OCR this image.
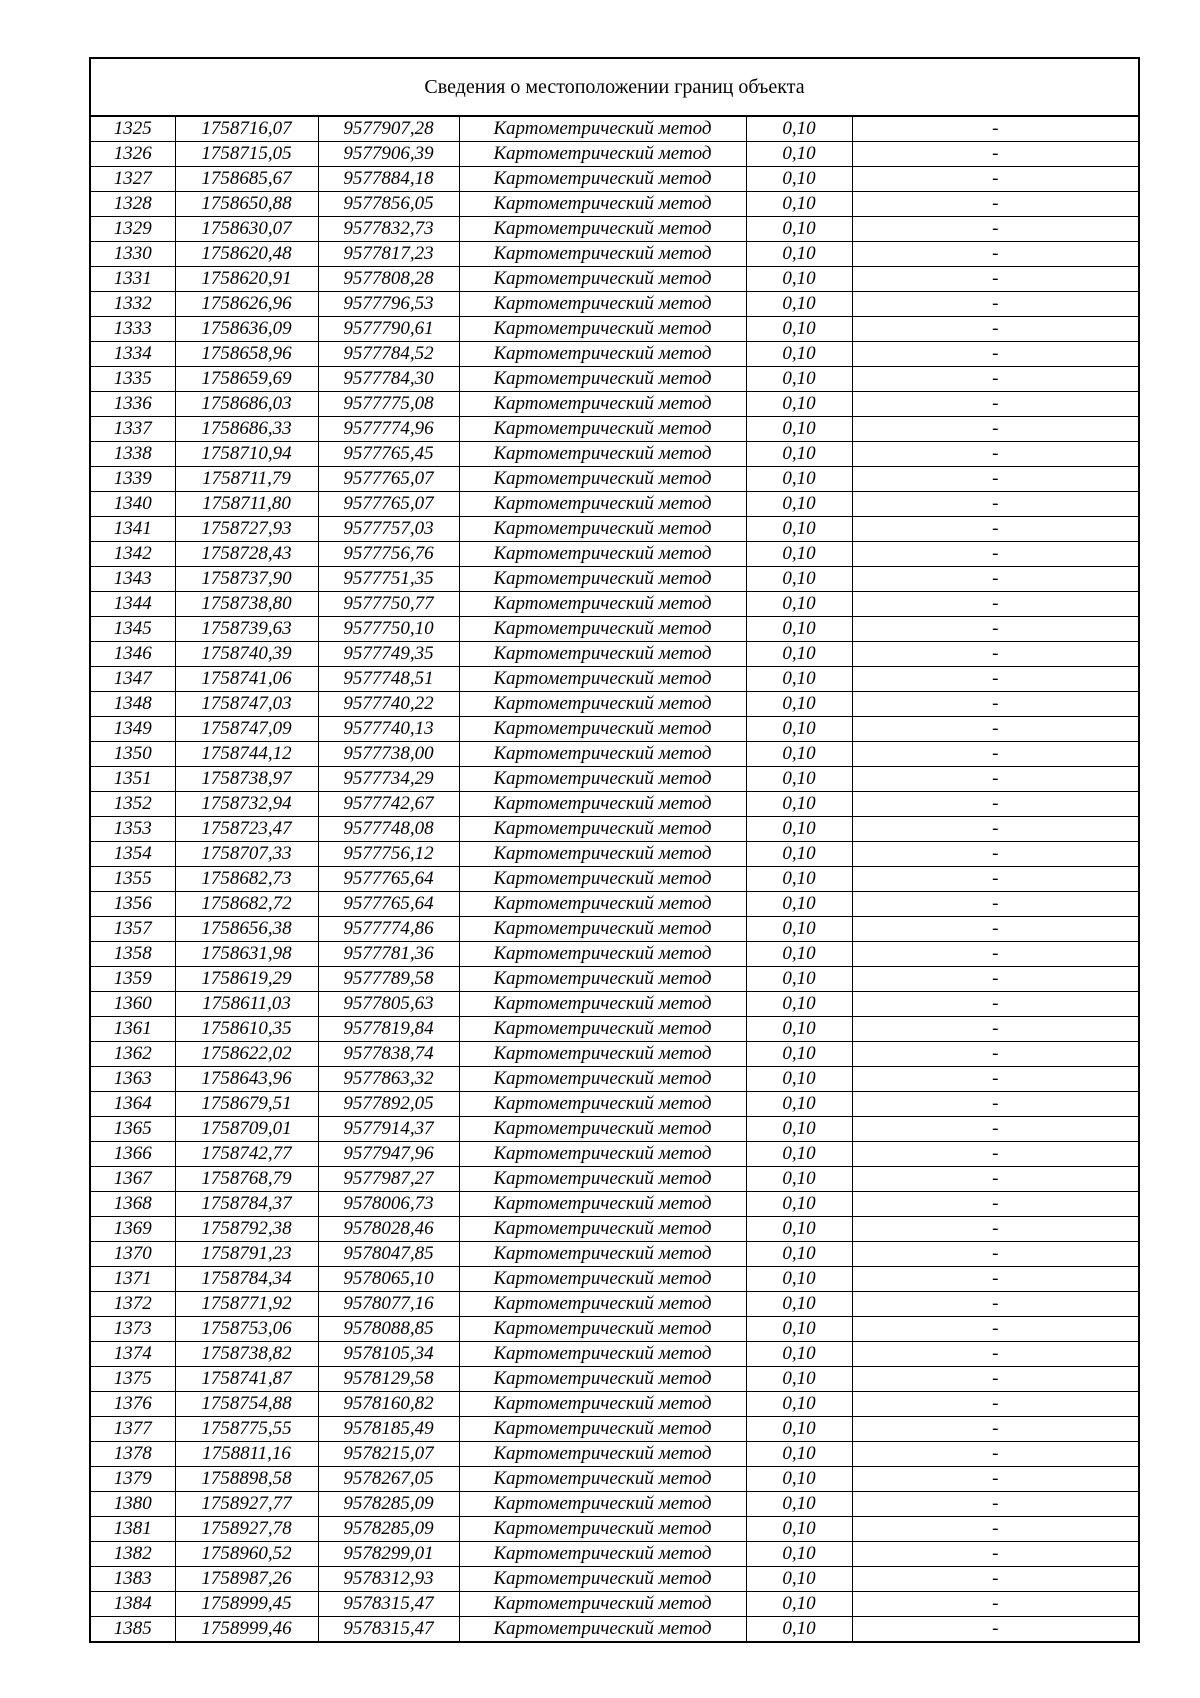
Сведения о местоположении границ объекта
1325	1758716,07	9577907,28	Картометрический метод	0,10	-
1326	1758715,05	9577906,39	Картометрический метод	0,10	-
1327	1758685,67	9577884,18	Картометрический метод	0,10	-
1328	1758650,88	9577856,05	Картометрический метод	0,10	-
1329	1758630,07	9577832,73	Картометрический метод	0,10	-
1330	1758620,48	9577817,23	Картометрический метод	0,10	-
1331	1758620,91	9577808,28	Картометрический метод	0,10	-
1332	1758626,96	9577796,53	Картометрический метод	0,10	-
1333	1758636,09	9577790,61	Картометрический метод	0,10	-
1334	1758658,96	9577784,52	Картометрический метод	0,10	-
1335	1758659,69	9577784,30	Картометрический метод	0,10	-
1336	1758686,03	9577775,08	Картометрический метод	0,10	-
1337	1758686,33	9577774,96	Картометрический метод	0,10	-
1338	1758710,94	9577765,45	Картометрический метод	0,10	-
1339	1758711,79	9577765,07	Картометрический метод	0,10	-
1340	1758711,80	9577765,07	Картометрический метод	0,10	-
1341	1758727,93	9577757,03	Картометрический метод	0,10	-
1342	1758728,43	9577756,76	Картометрический метод	0,10	-
1343	1758737,90	9577751,35	Картометрический метод	0,10	-
1344	1758738,80	9577750,77	Картометрический метод	0,10	-
1345	1758739,63	9577750,10	Картометрический метод	0,10	-
1346	1758740,39	9577749,35	Картометрический метод	0,10	-
1347	1758741,06	9577748,51	Картометрический метод	0,10	-
1348	1758747,03	9577740,22	Картометрический метод	0,10	-
1349	1758747,09	9577740,13	Картометрический метод	0,10	-
1350	1758744,12	9577738,00	Картометрический метод	0,10	-
1351	1758738,97	9577734,29	Картометрический метод	0,10	-
1352	1758732,94	9577742,67	Картометрический метод	0,10	-
1353	1758723,47	9577748,08	Картометрический метод	0,10	-
1354	1758707,33	9577756,12	Картометрический метод	0,10	-
1355	1758682,73	9577765,64	Картометрический метод	0,10	-
1356	1758682,72	9577765,64	Картометрический метод	0,10	-
1357	1758656,38	9577774,86	Картометрический метод	0,10	-
1358	1758631,98	9577781,36	Картометрический метод	0,10	-
1359	1758619,29	9577789,58	Картометрический метод	0,10	-
1360	1758611,03	9577805,63	Картометрический метод	0,10	-
1361	1758610,35	9577819,84	Картометрический метод	0,10	-
1362	1758622,02	9577838,74	Картометрический метод	0,10	-
1363	1758643,96	9577863,32	Картометрический метод	0,10	-
1364	1758679,51	9577892,05	Картометрический метод	0,10	-
1365	1758709,01	9577914,37	Картометрический метод	0,10	-
1366	1758742,77	9577947,96	Картометрический метод	0,10	-
1367	1758768,79	9577987,27	Картометрический метод	0,10	-
1368	1758784,37	9578006,73	Картометрический метод	0,10	-
1369	1758792,38	9578028,46	Картометрический метод	0,10	-
1370	1758791,23	9578047,85	Картометрический метод	0,10	-
1371	1758784,34	9578065,10	Картометрический метод	0,10	-
1372	1758771,92	9578077,16	Картометрический метод	0,10	-
1373	1758753,06	9578088,85	Картометрический метод	0,10	-
1374	1758738,82	9578105,34	Картометрический метод	0,10	-
1375	1758741,87	9578129,58	Картометрический метод	0,10	-
1376	1758754,88	9578160,82	Картометрический метод	0,10	-
1377	1758775,55	9578185,49	Картометрический метод	0,10	-
1378	1758811,16	9578215,07	Картометрический метод	0,10	-
1379	1758898,58	9578267,05	Картометрический метод	0,10	-
1380	1758927,77	9578285,09	Картометрический метод	0,10	-
1381	1758927,78	9578285,09	Картометрический метод	0,10	-
1382	1758960,52	9578299,01	Картометрический метод	0,10	-
1383	1758987,26	9578312,93	Картометрический метод	0,10	-
1384	1758999,45	9578315,47	Картометрический метод	0,10	-
1385	1758999,46	9578315,47	Картометрический метод	0,10	-
